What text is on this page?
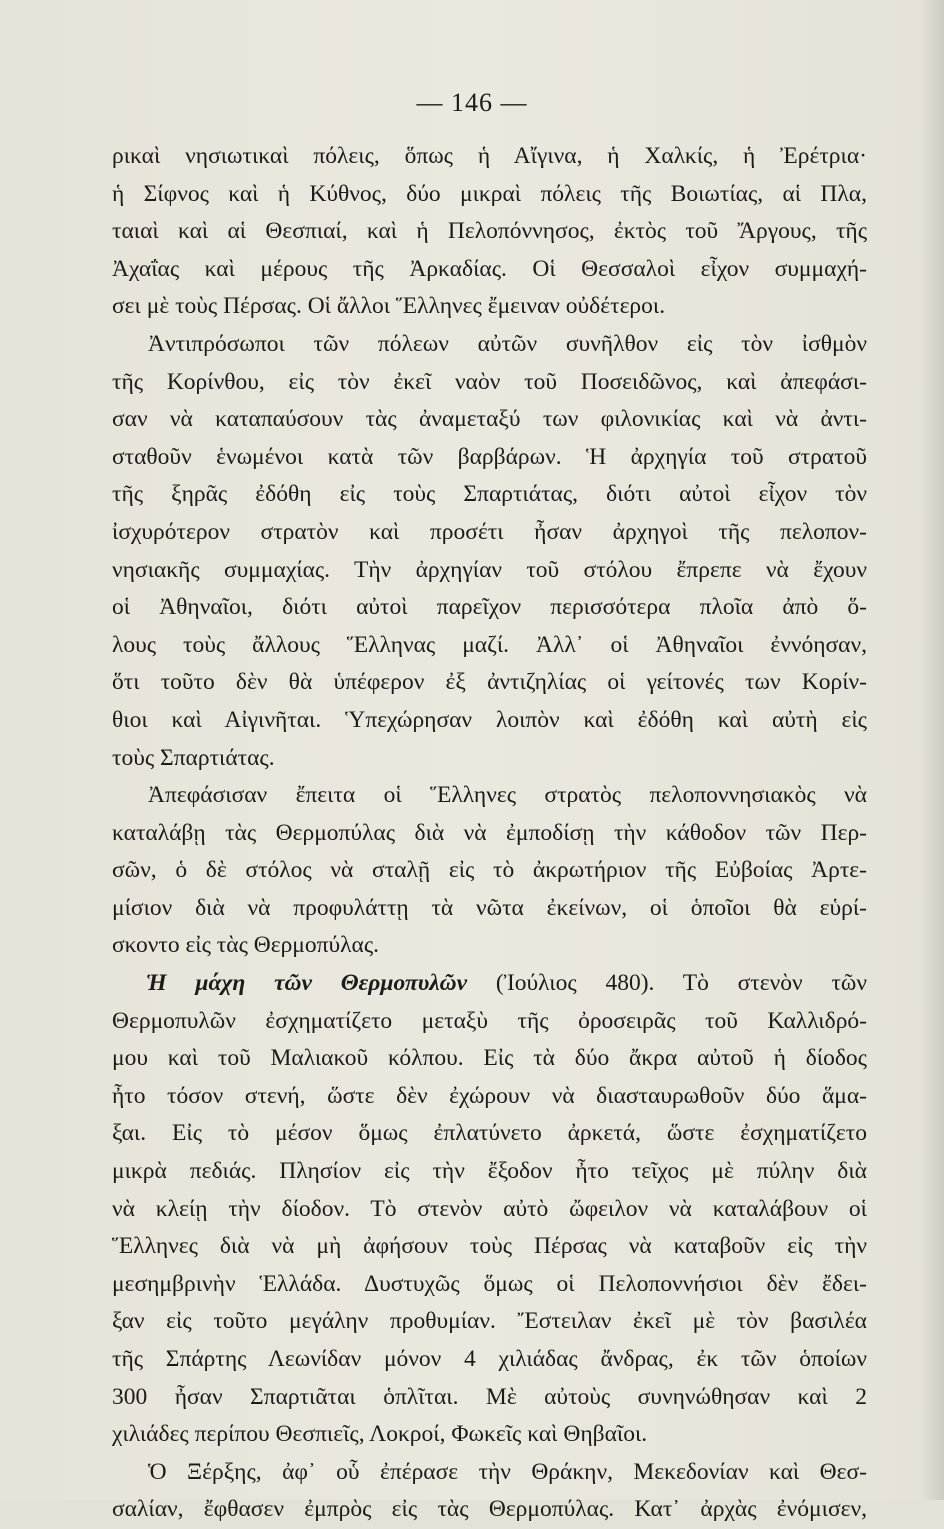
— 146 —
ρικαὶ νησιωτικαὶ πόλεις, ὅπως ἡ Αἴγινα, ἡ Χαλκίς, ἡ Ἐρέτρια·
ἡ Σίφνος καὶ ἡ Κύθνος, δύο μικραὶ πόλεις τῆς Βοιωτίας, αἱ Πλα,
ταιαὶ καὶ αἱ Θεσπιαί, καὶ ἡ Πελοπόννησος, ἐκτὸς τοῦ Ἄργους, τῆς
Ἀχαΐας καὶ μέρους τῆς Ἀρκαδίας. Οἱ Θεσσαλοὶ εἶχον συμμαχή-
σει μὲ τοὺς Πέρσας. Οἱ ἄλλοι Ἕλληνες ἔμειναν οὐδέτεροι.
Ἀντιπρόσωποι τῶν πόλεων αὐτῶν συνῆλθον εἰς τὸν ἰσθμὸν
τῆς Κορίνθου, εἰς τὸν ἐκεῖ ναὸν τοῦ Ποσειδῶνος, καὶ ἀπεφάσι-
σαν νὰ καταπαύσουν τὰς ἀναμεταξύ των φιλονικίας καὶ νὰ ἀντι-
σταθοῦν ἑνωμένοι κατὰ τῶν βαρβάρων. Ἡ ἀρχηγία τοῦ στρατοῦ
τῆς ξηρᾶς ἐδόθη εἰς τοὺς Σπαρτιάτας, διότι αὐτοὶ εἶχον τὸν
ἰσχυρότερον στρατὸν καὶ προσέτι ἦσαν ἀρχηγοὶ τῆς πελοπον-
νησιακῆς συμμαχίας. Τὴν ἀρχηγίαν τοῦ στόλου ἔπρεπε νὰ ἔχουν
οἱ Ἀθηναῖοι, διότι αὐτοὶ παρεῖχον περισσότερα πλοῖα ἀπὸ ὅ-
λους τοὺς ἄλλους Ἕλληνας μαζί. Ἀλλ᾿ οἱ Ἀθηναῖοι ἐννόησαν,
ὅτι τοῦτο δὲν θὰ ὑπέφερον ἐξ ἀντιζηλίας οἱ γείτονές των Κορίν-
θιοι καὶ Αἰγινῆται. Ὑπεχώρησαν λοιπὸν καὶ ἐδόθη καὶ αὐτὴ εἰς
τοὺς Σπαρτιάτας.
Ἀπεφάσισαν ἔπειτα οἱ Ἕλληνες στρατὸς πελοποννησιακὸς νὰ
καταλάβῃ τὰς Θερμοπύλας διὰ νὰ ἐμποδίσῃ τὴν κάθοδον τῶν Περ-
σῶν, ὁ δὲ στόλος νὰ σταλῇ εἰς τὸ ἀκρωτήριον τῆς Εὐβοίας Ἀρτε-
μίσιον διὰ νὰ προφυλάττῃ τὰ νῶτα ἐκείνων, οἱ ὁποῖοι θὰ εὑρί-
σκοντο εἰς τὰς Θερμοπύλας.
Ἡ μάχη τῶν Θερμοπυλῶν (Ἰούλιος 480). Τὸ στενὸν τῶν
Θερμοπυλῶν ἐσχηματίζετο μεταξὺ τῆς ὀροσειρᾶς τοῦ Καλλιδρό-
μου καὶ τοῦ Μαλιακοῦ κόλπου. Εἰς τὰ δύο ἄκρα αὐτοῦ ἡ δίοδος
ἦτο τόσον στενή, ὥστε δὲν ἐχώρουν νὰ διασταυρωθοῦν δύο ἅμα-
ξαι. Εἰς τὸ μέσον ὅμως ἐπλατύνετο ἀρκετά, ὥστε ἐσχηματίζετο
μικρὰ πεδιάς. Πλησίον εἰς τὴν ἔξοδον ἦτο τεῖχος μὲ πύλην διὰ
νὰ κλείῃ τὴν δίοδον. Τὸ στενὸν αὐτὸ ὤφειλον νὰ καταλάβουν οἱ
Ἕλληνες διὰ νὰ μὴ ἀφήσουν τοὺς Πέρσας νὰ καταβοῦν εἰς τὴν
μεσημβρινὴν Ἑλλάδα. Δυστυχῶς ὅμως οἱ Πελοποννήσιοι δὲν ἔδει-
ξαν εἰς τοῦτο μεγάλην προθυμίαν. Ἔστειλαν ἐκεῖ μὲ τὸν βασιλέα
τῆς Σπάρτης Λεωνίδαν μόνον 4 χιλιάδας ἄνδρας, ἐκ τῶν ὁποίων
300 ἦσαν Σπαρτιᾶται ὁπλῖται. Μὲ αὐτοὺς συνηνώθησαν καὶ 2
χιλιάδες περίπου Θεσπιεῖς, Λοκροί, Φωκεῖς καὶ Θηβαῖοι.
Ὁ Ξέρξης, ἀφ᾿ οὗ ἐπέρασε τὴν Θράκην, Μεκεδονίαν καὶ Θεσ-
σαλίαν, ἔφθασεν ἐμπρὸς εἰς τὰς Θερμοπύλας. Κατ᾿ ἀρχὰς ἐνόμισεν,
